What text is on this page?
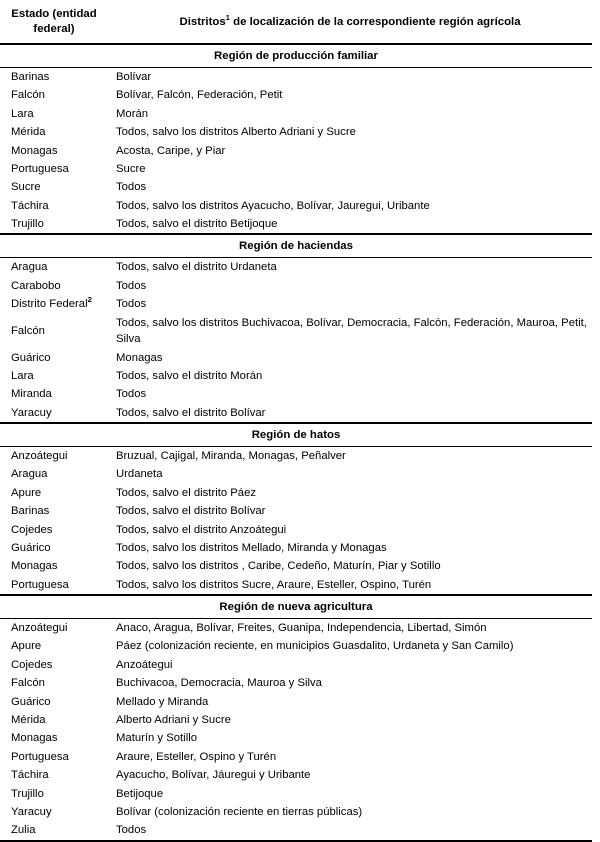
Estado (entidad
federal)	Distritos$^1$ de localización de la correspondiente región agrícola
Región de producción familiar	
Barinas	Bolívar
Falcón	Bolívar, Falcón, Federación, Petit
Lara	Morán
Mérida	Todos, salvo los distritos Alberto Adriani y Sucre
Monagas	Acosta, Caripe, y Piar
Portuguesa	Sucre
Sucre	Todos
Táchira	Todos, salvo los distritos Ayacucho, Bolívar, Jauregui, Uribante
Trujillo	Todos, salvo el distrito Betijoque
Región de haciendas	
Aragua	Todos, salvo el distrito Urdaneta
Carabobo	Todos
Distrito Federal$^2$	Todos
Falcón	Todos, salvo los distritos Buchivacoa, Bolívar, Democracia, Falcón, Federación, Mauroa, Petit, Silva
Guárico	Monagas
Lara	Todos, salvo el distrito Morán
Miranda	Todos
Yaracuy	Todos, salvo el distrito Bolívar
Región de hatos	
Anzoátegui	Bruzual, Cajigal, Miranda, Monagas, Peñalver
Aragua	Urdaneta
Apure	Todos, salvo el distrito Páez
Barinas	Todos, salvo el distrito Bolívar
Cojedes	Todos, salvo el distrito Anzoátegui
Guárico	Todos, salvo los distritos Mellado, Miranda y Monagas
Monagas	Todos, salvo los distritos , Caribe, Cedeño, Maturín, Piar y Sotillo
Portuguesa	Todos, salvo los distritos Sucre, Araure, Esteller, Ospino, Turén
Región de nueva agricultura	
Anzoátegui	Anaco, Aragua, Bolívar, Freites, Guanipa, Independencia, Libertad, Simón
Apure	Páez (colonización reciente, en municipios Guasdalito, Urdaneta y San Camilo)
Cojedes	Anzoátegui
Falcón	Buchivacoa, Democracia, Mauroa y Silva
Guárico	Mellado y Miranda
Mérida	Alberto Adriani y Sucre
Monagas	Maturín y Sotillo
Portuguesa	Araure, Esteller, Ospino y Turén
Táchira	Ayacucho, Bolívar, Jáuregui y Uribante
Trujillo	Betijoque
Yaracuy	Bolívar (colonización reciente en tierras públicas)
Zulia	Todos
